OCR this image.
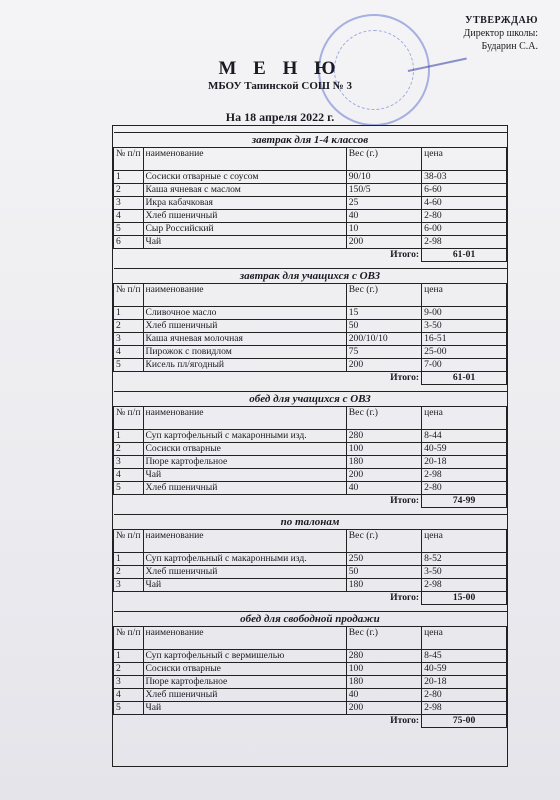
УТВЕРЖДАЮ
Директор школы:
Бударин С.А.
М Е Н Ю
МБОУ Тапинской СОШ № 3
На 18 апреля 2022 г.

завтрак для 1-4 классов			
№ п/п	наименование	Вес (г.)	цена
1	Сосиски отварные с соусом	90/10	38-03
2	Каша ячневая с маслом	150/5	6-60
3	Икра кабачковая	25	4-60
4	Хлеб пшеничный	40	2-80
5	Сыр Российский	10	6-00
6	Чай	200	2-98
		Итого:	61-01

завтрак для учащихся с ОВЗ			
№ п/п	наименование	Вес (г.)	цена
1	Сливочное масло	15	9-00
2	Хлеб пшеничный	50	3-50
3	Каша ячневая молочная	200/10/10	16-51
4	Пирожок с повидлом	75	25-00
5	Кисель пл/ягодный	200	7-00
		Итого:	61-01

обед для учащихся с ОВЗ			
№ п/п	наименование	Вес (г.)	цена
1	Суп картофельный с макаронными изд.	280	8-44
2	Сосиски отварные	100	40-59
3	Пюре картофельное	180	20-18
4	Чай	200	2-98
5	Хлеб пшеничный	40	2-80
		Итого:	74-99

по талонам			
№ п/п	наименование	Вес (г.)	цена
1	Суп картофельный с макаронными изд.	250	8-52
2	Хлеб пшеничный	50	3-50
3	Чай	180	2-98
		Итого:	15-00

обед для свободной продажи			
№ п/п	наименование	Вес (г.)	цена
1	Суп картофельный с вермишелью	280	8-45
2	Сосиски отварные	100	40-59
3	Пюре картофельное	180	20-18
4	Хлеб пшеничный	40	2-80
5	Чай	200	2-98
		Итого:	75-00
